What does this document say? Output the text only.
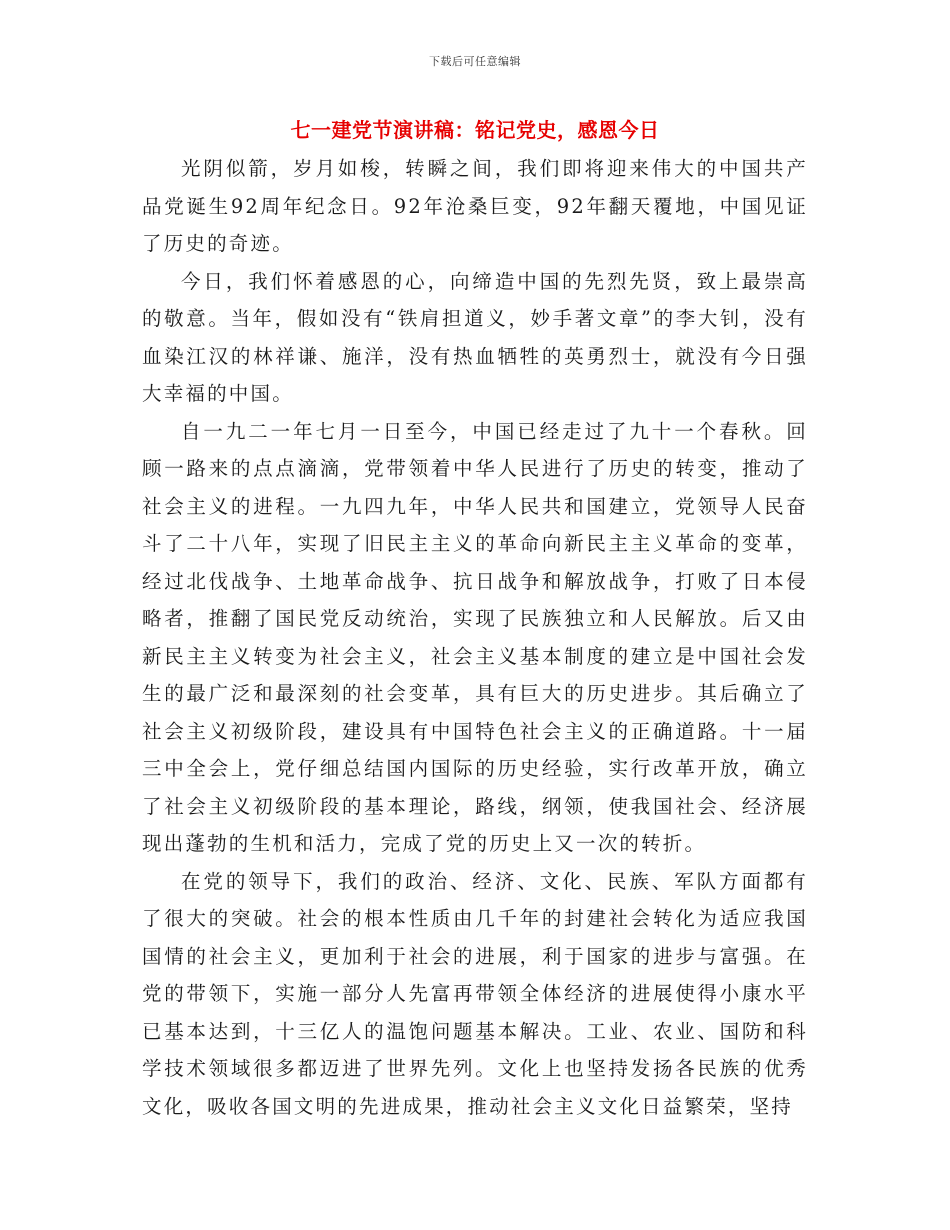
下载后可任意编辑
七一建党节演讲稿：铭记党史，感恩今日

光阴似箭，岁月如梭，转瞬之间，我们即将迎来伟大的中国共产品党诞生92周年纪念日。92年沧桑巨变，92年翻天覆地，中国见证了历史的奇迹。

今日，我们怀着感恩的心，向缔造中国的先烈先贤，致上最崇高的敬意。当年，假如没有“铁肩担道义，妙手著文章”的李大钊，没有血染江汉的林祥谦、施洋，没有热血牺牲的英勇烈士，就没有今日强大幸福的中国。

自一九二一年七月一日至今，中国已经走过了九十一个春秋。回顾一路来的点点滴滴，党带领着中华人民进行了历史的转变，推动了社会主义的进程。一九四九年，中华人民共和国建立，党领导人民奋斗了二十八年，实现了旧民主主义的革命向新民主主义革命的变革，经过北伐战争、土地革命战争、抗日战争和解放战争，打败了日本侵略者，推翻了国民党反动统治，实现了民族独立和人民解放。后又由新民主主义转变为社会主义，社会主义基本制度的建立是中国社会发生的最广泛和最深刻的社会变革，具有巨大的历史进步。其后确立了社会主义初级阶段，建设具有中国特色社会主义的正确道路。十一届三中全会上，党仔细总结国内国际的历史经验，实行改革开放，确立了社会主义初级阶段的基本理论，路线，纲领，使我国社会、经济展现出蓬勃的生机和活力，完成了党的历史上又一次的转折。

在党的领导下，我们的政治、经济、文化、民族、军队方面都有了很大的突破。社会的根本性质由几千年的封建社会转化为适应我国国情的社会主义，更加利于社会的进展，利于国家的进步与富强。在党的带领下，实施一部分人先富再带领全体经济的进展使得小康水平已基本达到，十三亿人的温饱问题基本解决。工业、农业、国防和科学技术领域很多都迈进了世界先列。文化上也坚持发扬各民族的优秀文化，吸收各国文明的先进成果，推动社会主义文化日益繁荣，坚持
